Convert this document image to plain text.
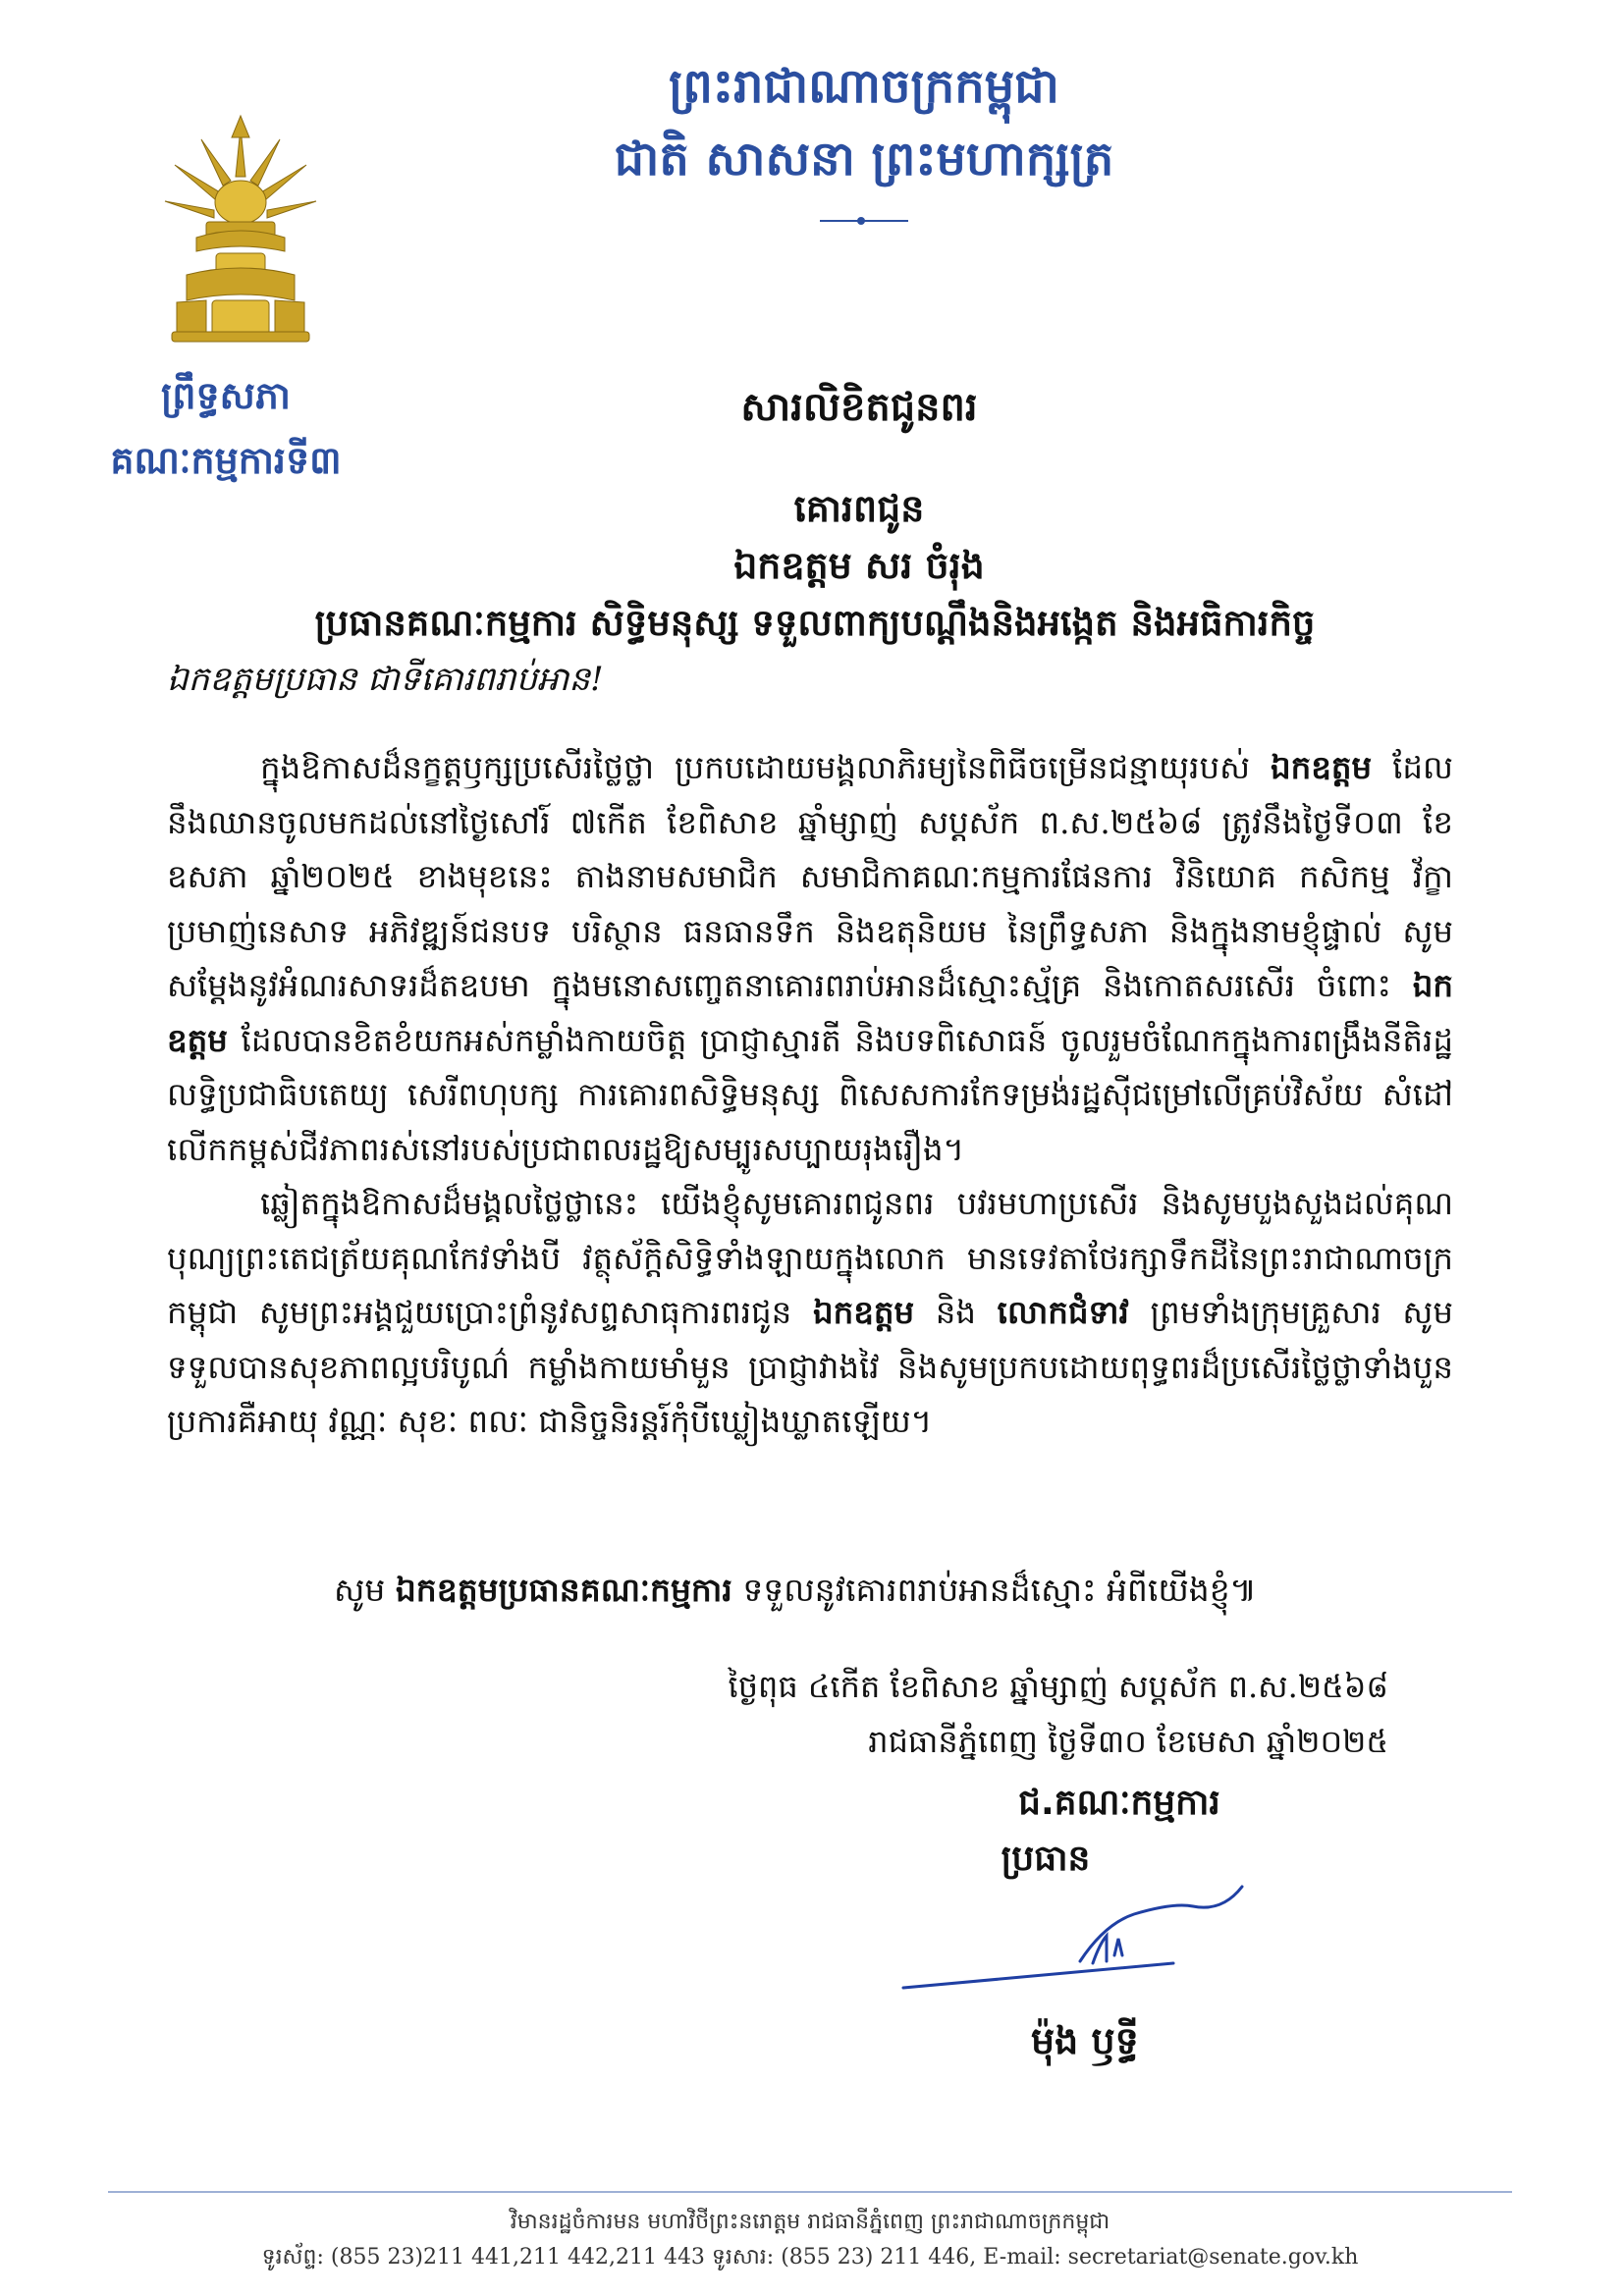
ព្រឹទ្ធសភា
គណៈកម្មការទី៣
ព្រះរាជាណាចក្រកម្ពុជា
ជាតិ សាសនា ព្រះមហាក្សត្រ
សារលិខិតជូនពរ
គោរពជូន
ឯកឧត្តម សរ ចំរុង
ប្រធានគណៈកម្មការ សិទ្ធិមនុស្ស ទទួលពាក្យបណ្ដឹងនិងអង្កេត និងអធិការកិច្ច
ឯកឧត្តមប្រធាន ជាទីគោរពរាប់អាន!

ក្នុងឱកាសដ៏នក្ខត្តឫក្សប្រសើរថ្លៃថ្លា ប្រកបដោយមង្គលាភិរម្យនៃពិធីចម្រើនជន្មាយុរបស់ ឯកឧត្តម ដែលនឹងឈានចូលមកដល់នៅថ្ងៃសៅរ៍ ៧កើត ខែពិសាខ ឆ្នាំម្សាញ់ សប្តស័ក ព.ស.២៥៦៨ ត្រូវនឹងថ្ងៃទី០៣ ខែឧសភា ឆ្នាំ២០២៥ ខាងមុខនេះ តាងនាមសមាជិក សមាជិកាគណៈកម្មការផែនការ វិនិយោគ កសិកម្ម វ័ក្ខាប្រមាញ់នេសាទ អភិវឌ្ឍន៍ជនបទ បរិស្ថាន ធនធានទឹក និងឧតុនិយម នៃព្រឹទ្ធសភា និងក្នុងនាមខ្ញុំផ្ទាល់ សូមសម្ដែងនូវអំណរសាទរដ៏តឧបមា ក្នុងមនោសញ្ចេតនាគោរពរាប់អានដ៏ស្មោះស្ម័គ្រ និងកោតសរសើរ ចំពោះ ឯកឧត្តម ដែលបានខិតខំយកអស់កម្លាំងកាយចិត្ត ប្រាជ្ញាស្មារតី និងបទពិសោធន៍ ចូលរួមចំណែកក្នុងការពង្រឹងនីតិរដ្ឋ លទ្ធិប្រជាធិបតេយ្យ សេរីពហុបក្ស ការគោរពសិទ្ធិមនុស្ស ពិសេសការកែទម្រង់រដ្ឋស៊ីជម្រៅលើគ្រប់វិស័យ សំដៅលើកកម្ពស់ជីវភាពរស់នៅរបស់ប្រជាពលរដ្ឋឱ្យសម្បូរសប្បាយរុងរឿង។

ឆ្លៀតក្នុងឱកាសដ៏មង្គលថ្លៃថ្លានេះ យើងខ្ញុំសូមគោរពជូនពរ បវរមហាប្រសើរ និងសូមបួងសួងដល់គុណបុណ្យព្រះតេជត្រ័យគុណកែវទាំងបី វត្ថុស័ក្តិសិទ្ធិទាំងឡាយក្នុងលោក មានទេវតាថែរក្សាទឹកដីនៃព្រះរាជាណាចក្រកម្ពុជា សូមព្រះអង្គជួយប្រោះព្រំនូវសព្ទសាធុការពរជូន ឯកឧត្តម និង លោកជំទាវ ព្រមទាំងក្រុមគ្រួសារ សូមទទួលបានសុខភាពល្អបរិបូណ៌ កម្លាំងកាយមាំមួន ប្រាជ្ញាវាងវៃ និងសូមប្រកបដោយពុទ្ធពរដ៏ប្រសើរថ្លៃថ្លាទាំងបួនប្រការគឺអាយុ វណ្ណៈ សុខៈ ពលៈ ជានិច្ចនិរន្តរ៍កុំបីឃ្លៀងឃ្លាតឡើយ។

សូម ឯកឧត្តមប្រធានគណៈកម្មការ ទទួលនូវគោរពរាប់អានដ៏ស្មោះ អំពីយើងខ្ញុំ៕
ថ្ងៃពុធ ៤កើត ខែពិសាខ ឆ្នាំម្សាញ់ សប្តស័ក ព.ស.២៥៦៨
រាជធានីភ្នំពេញ ថ្ងៃទី៣០ ខែមេសា ឆ្នាំ២០២៥
ជ.គណៈកម្មការ
ប្រធាន
ម៉ុង ឫទ្ធី
វិមានរដ្ឋចំការមន មហាវិថីព្រះនរោត្តម រាជធានីភ្នំពេញ ព្រះរាជាណាចក្រកម្ពុជា
ទូរស័ព្ទ: (855 23)211 441,211 442,211 443 ទូរសារ: (855 23) 211 446, E-mail: secretariat@senate.gov.kh
